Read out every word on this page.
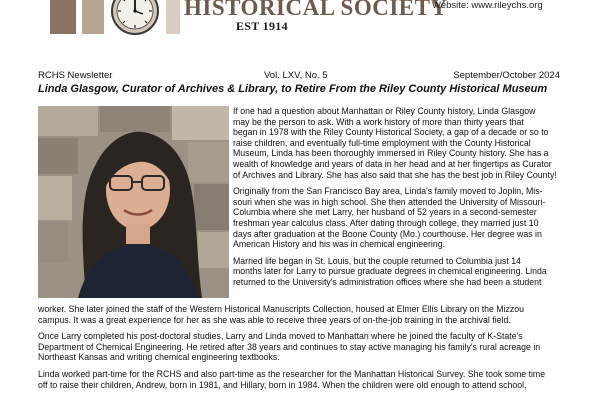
HISTORICAL SOCIETY
EST 1914
Website: www.rileychs.org
RCHS Newsletter	Vol. LXV, No. 5	September/October 2024
Linda Glasgow, Curator of Archives & Library, to Retire From the Riley County Historical Museum

If one had a question about Manhattan or Riley County history, Linda Glasgow
may be the person to ask. With a work history of more than thirty years that
began in 1978 with the Riley County Historical Society, a gap of a decade or so to
raise children, and eventually full-time employment with the County Historical
Museum, Linda has been thoroughly immersed in Riley County history. She has a
wealth of knowledge and years of data in her head and at her fingertips as Curator
of Archives and Library. She has also said that she has the best job in Riley County!

Originally from the San Francisco Bay area, Linda's family moved to Joplin, Mis-
souri when she was in high school. She then attended the University of Missouri-
Columbia where she met Larry, her husband of 52 years in a second-semester
freshman year calculus class. After dating through college, they married just 10
days after graduation at the Boone County (Mo.) courthouse. Her degree was in
American History and his was in chemical engineering.

Married life began in St. Louis, but the couple returned to Columbia just 14
months later for Larry to pursue graduate degrees in chemical engineering. Linda
returned to the University's administration offices where she had been a student

worker. She later joined the staff of the Western Historical Manuscripts Collection, housed at Elmer Ellis Library on the Mizzou
campus. It was a great experience for her as she was able to receive three years of on-the-job training in the archival field.

Once Larry completed his post-doctoral studies, Larry and Linda moved to Manhattan where he joined the faculty of K-State's
Department of Chemical Engineering. He retired after 38 years and continues to stay active managing his family's rural acreage in
Northeast Kansas and writing chemical engineering textbooks.

Linda worked part-time for the RCHS and also part-time as the researcher for the Manhattan Historical Survey. She took some time
off to raise their children, Andrew, born in 1981, and Hillary, born in 1984. When the children were old enough to attend school,
